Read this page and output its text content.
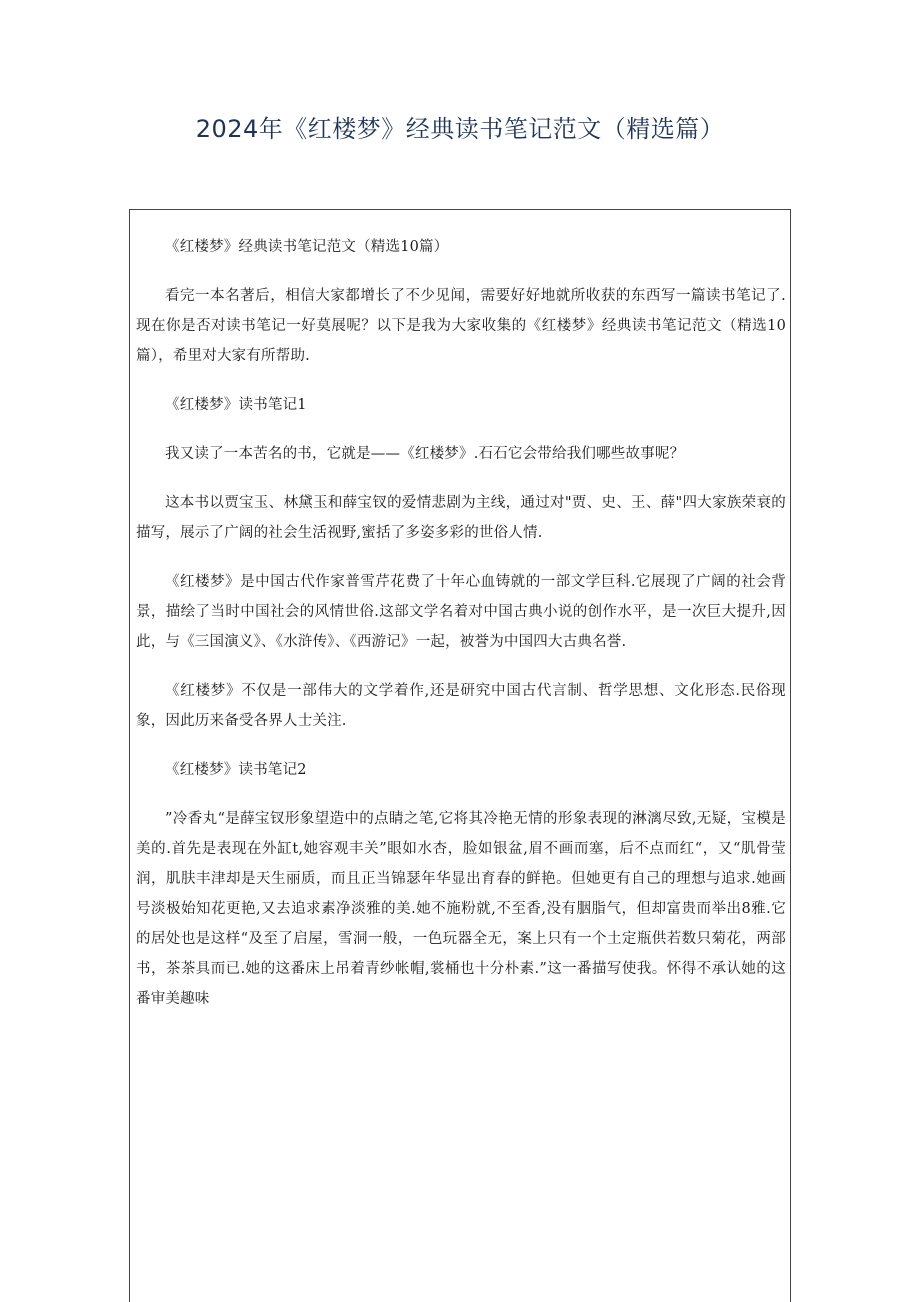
2024年《红楼梦》经典读书笔记范文（精选篇）

《红楼梦》经典读书笔记范文（精选10篇）

看完一本名著后，相信大家都增长了不少见闻，需要好好地就所收获的东西写一篇读书笔记了.现在你是否对读书笔记一好莫展呢？以下是我为大家收集的《红楼梦》经典读书笔记范文（精选10篇），希里对大家有所帮助.

《红楼梦》读书笔记1

我又读了一本苦名的书，它就是——《红楼梦》.石石它会带给我们哪些故事呢？

这本书以贾宝玉、林黛玉和薛宝钗的爱情悲剧为主线，通过对"贾、史、王、薛"四大家族荣衰的描写，展示了广阔的社会生活视野,蜜括了多姿多彩的世俗人情.

《红楼梦》是中国古代作家普雪芹花费了十年心血铸就的一部文学巨科.它展现了广阔的社会背景，描绘了当时中国社会的风情世俗.这部文学名着对中国古典小说的创作水平，是一次巨大提升,因此，与《三国演义》、《水浒传》、《西游记》一起，被誉为中国四大古典名誉.

《红楼梦》不仅是一部伟大的文学着作,还是研究中国古代言制、哲学思想、文化形态.民俗现象，因此历来备受各界人士关注.

《红楼梦》读书笔记2

”冷香丸“是薛宝钗形象望造中的点睛之笔,它将其冷艳无情的形象表现的淋漓尽致,无疑，宝模是美的.首先是表现在外缸t,她容观丰关”眼如水杏，脸如银盆,眉不画而塞，后不点而红“，又“肌骨莹润，肌肤丰津却是天生丽质，而且正当锦瑟年华显出育春的鲜艳。但她更有自己的理想与追求.她画号淡极始知花更艳,又去追求素净淡雅的美.她不施粉就,不至香,没有胭脂气，但却富贵而举出8雅.它的居处也是这样“及至了启屋，雪洞一般，一色玩器全无，案上只有一个土定瓶供若数只菊花，两部书，茶茶具而已.她的这番床上吊着青纱帐帽,裳桶也十分朴素.”这一番描写使我。怀得不承认她的这番审美趣味
